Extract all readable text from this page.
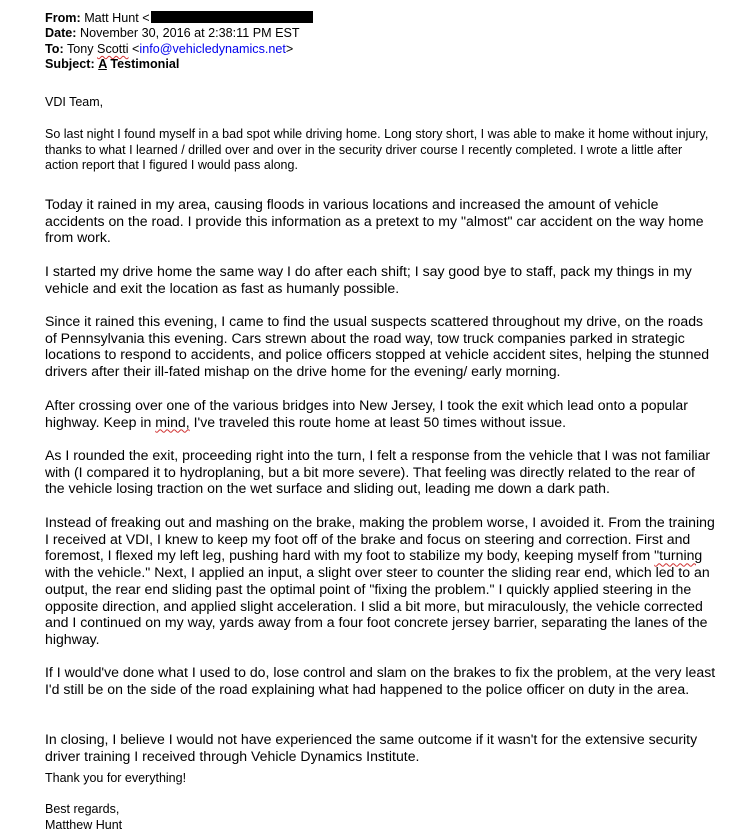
From: Matt Hunt <
Date: November 30, 2016 at 2:38:11 PM EST
To: Tony Scotti <info@vehicledynamics.net>
Subject: A Testimonial

VDI Team,

So last night I found myself in a bad spot while driving home. Long story short, I was able to make it home without injury, thanks to what I learned / drilled over and over in the security driver course I recently completed. I wrote a little after action report that I figured I would pass along.

Today it rained in my area, causing floods in various locations and increased the amount of vehicle accidents on the road. I provide this information as a pretext to my "almost" car accident on the way home from work.

I started my drive home the same way I do after each shift; I say good bye to staff, pack my things in my vehicle and exit the location as fast as humanly possible.

Since it rained this evening, I came to find the usual suspects scattered throughout my drive, on the roads of Pennsylvania this evening. Cars strewn about the road way, tow truck companies parked in strategic locations to respond to accidents, and police officers stopped at vehicle accident sites, helping the stunned drivers after their ill-fated mishap on the drive home for the evening/ early morning.

After crossing over one of the various bridges into New Jersey, I took the exit which lead onto a popular highway. Keep in mind, I've traveled this route home at least 50 times without issue.

As I rounded the exit, proceeding right into the turn, I felt a response from the vehicle that I was not familiar with (I compared it to hydroplaning, but a bit more severe). That feeling was directly related to the rear of the vehicle losing traction on the wet surface and sliding out, leading me down a dark path.

Instead of freaking out and mashing on the brake, making the problem worse, I avoided it. From the training I received at VDI, I knew to keep my foot off of the brake and focus on steering and correction. First and foremost, I flexed my left leg, pushing hard with my foot to stabilize my body, keeping myself from "turning with the vehicle." Next, I applied an input, a slight over steer to counter the sliding rear end, which led to an output, the rear end sliding past the optimal point of "fixing the problem." I quickly applied steering in the opposite direction, and applied slight acceleration. I slid a bit more, but miraculously, the vehicle corrected and I continued on my way, yards away from a four foot concrete jersey barrier, separating the lanes of the highway.

If I would've done what I used to do, lose control and slam on the brakes to fix the problem, at the very least I'd still be on the side of the road explaining what had happened to the police officer on duty in the area.

In closing, I believe I would not have experienced the same outcome if it wasn't for the extensive security driver training I received through Vehicle Dynamics Institute.

Thank you for everything!

Best regards,

Matthew Hunt
